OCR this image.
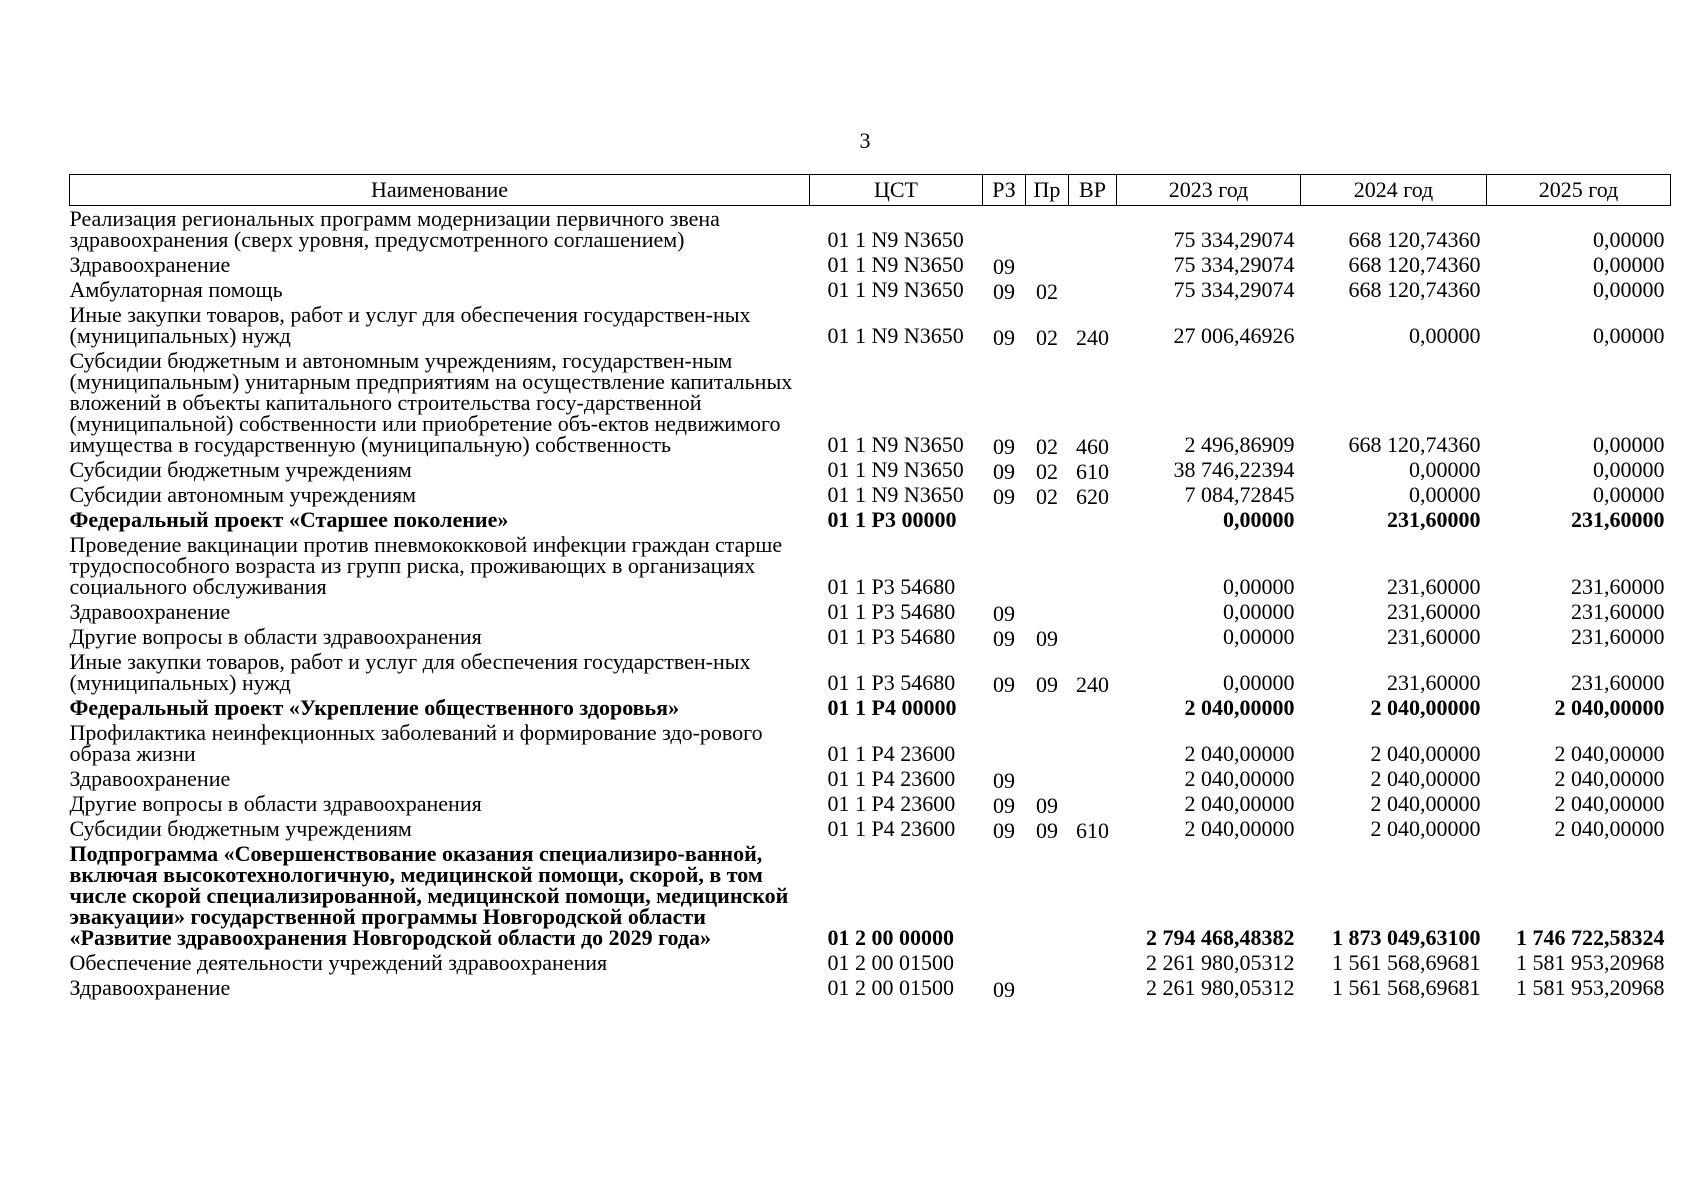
3
Наименование	ЦСТ	РЗ	Пр	ВР	2023 год	2024 год	2025 год
Реализация региональных программ модернизации первичного звена здравоохранения (сверх уровня, предусмотренного соглашением)	01 1 N9 N3650				75 334,29074	668 120,74360	0,00000
Здравоохранение	01 1 N9 N3650	09			75 334,29074	668 120,74360	0,00000
Амбулаторная помощь	01 1 N9 N3650	09	02		75 334,29074	668 120,74360	0,00000
Иные закупки товаров, работ и услуг для обеспечения государствен-ных (муниципальных) нужд	01 1 N9 N3650	09	02	240	27 006,46926	0,00000	0,00000
Субсидии бюджетным и автономным учреждениям, государствен-ным (муниципальным) унитарным предприятиям на осуществление капитальных вложений в объекты капитального строительства госу-дарственной (муниципальной) собственности или приобретение объ-ектов недвижимого имущества в государственную (муниципальную) собственность	01 1 N9 N3650	09	02	460	2 496,86909	668 120,74360	0,00000
Субсидии бюджетным учреждениям	01 1 N9 N3650	09	02	610	38 746,22394	0,00000	0,00000
Субсидии автономным учреждениям	01 1 N9 N3650	09	02	620	7 084,72845	0,00000	0,00000
Федеральный проект «Старшее поколение»	01 1 Р3 00000				0,00000	231,60000	231,60000
Проведение вакцинации против пневмококковой инфекции граждан старше трудоспособного возраста из групп риска, проживающих в организациях социального обслуживания	01 1 Р3 54680				0,00000	231,60000	231,60000
Здравоохранение	01 1 Р3 54680	09			0,00000	231,60000	231,60000
Другие вопросы в области здравоохранения	01 1 Р3 54680	09	09		0,00000	231,60000	231,60000
Иные закупки товаров, работ и услуг для обеспечения государствен-ных (муниципальных) нужд	01 1 Р3 54680	09	09	240	0,00000	231,60000	231,60000
Федеральный проект «Укрепление общественного здоровья»	01 1 Р4 00000				2 040,00000	2 040,00000	2 040,00000
Профилактика неинфекционных заболеваний и формирование здо-рового образа жизни	01 1 Р4 23600				2 040,00000	2 040,00000	2 040,00000
Здравоохранение	01 1 Р4 23600	09			2 040,00000	2 040,00000	2 040,00000
Другие вопросы в области здравоохранения	01 1 Р4 23600	09	09		2 040,00000	2 040,00000	2 040,00000
Субсидии бюджетным учреждениям	01 1 Р4 23600	09	09	610	2 040,00000	2 040,00000	2 040,00000
Подпрограмма «Совершенствование оказания специализиро-ванной, включая высокотехнологичную, медицинской помощи, скорой, в том числе скорой специализированной, медицинской помощи, медицинской эвакуации» государственной программы Новгородской области «Развитие здравоохранения Новгородской области до 2029 года»	01 2 00 00000				2 794 468,48382	1 873 049,63100	1 746 722,58324
Обеспечение деятельности учреждений здравоохранения	01 2 00 01500				2 261 980,05312	1 561 568,69681	1 581 953,20968
Здравоохранение	01 2 00 01500	09			2 261 980,05312	1 561 568,69681	1 581 953,20968
